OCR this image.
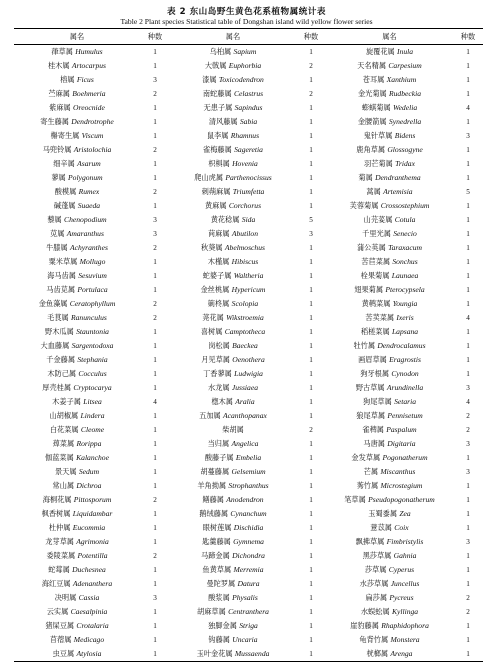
表 2 东山岛野生黄色花系植物属统计表
Table 2 Plant species Statistical table of Dongshan island wild yellow flower series
属名	种数	属名	种数	属名	种数
葎草属 Humulus	1	乌桕属 Sapium	1	旋覆花属 Inula	1
桂木属 Artocarpus	1	大戟属 Euphorbia	2	天名精属 Carpesium	1
榕属 Ficus	3	漆属 Toxicodendron	1	苍耳属 Xanthium	1
苎麻属 Boehmeria	2	南蛇藤属 Celastrus	2	金光菊属 Rudbeckia	1
紫麻属 Oreocnide	1	无患子属 Sapindus	1	蟛蜞菊属 Wedelia	4
寄生藤属 Dendrotrophe	1	清风藤属 Sabia	1	金腰箭属 Synedrella	1
槲寄生属 Viscum	1	鼠李属 Rhamnus	1	鬼针草属 Bidens	3
马兜铃属 Aristolochia	2	雀梅藤属 Sageretia	1	鹿角草属 Glossogyne	1
细辛属 Asarum	1	枳椇属 Hovenia	1	羽芒菊属 Tridax	1
蓼属 Polygonum	1	爬山虎属 Parthenocissus	1	菊属 Dendranthema	1
酸模属 Rumex	2	刺蒴麻属 Triumfetta	1	蒿属 Artemisia	5
碱蓬属 Suaeda	1	黄麻属 Corchorus	1	芙蓉菊属 Crossostephium	1
藜属 Chenopodium	3	黄花稔属 Sida	5	山芫荽属 Cotula	1
苋属 Amaranthus	3	苘麻属 Abutilon	3	千里光属 Senecio	1
牛膝属 Achyranthes	2	秋葵属 Abelmoschus	1	蒲公英属 Taraxacum	1
粟米草属 Mollugo	1	木槿属 Hibiscus	1	苦苣菜属 Sonchus	1
海马齿属 Sesuvium	1	蛇婆子属 Waltheria	1	栓果菊属 Launaea	1
马齿苋属 Portulaca	1	金丝桃属 Hypericum	1	翅果菊属 Pterocypsela	1
金鱼藻属 Ceratophyllum	2	箣柊属 Scolopia	1	黄鹌菜属 Youngia	1
毛茛属 Ranunculus	2	荛花属 Wikstroemia	1	苦荬菜属 Ixeris	4
野木瓜属 Stauntonia	1	喜树属 Camptotheca	1	稻槎菜属 Lapsana	1
大血藤属 Sargentodoxa	1	岗松属 Baeckea	1	牡竹属 Dendrocalamus	1
千金藤属 Stephania	1	月见草属 Oenothera	1	画眉草属 Eragrostis	1
木防己属 Cocculus	1	丁香蓼属 Ludwigia	1	狗牙根属 Cynodon	1
厚壳桂属 Cryptocarya	1	水龙属 Jussiaea	1	野古草属 Arundinella	3
木姜子属 Litsea	4	楤木属 Aralia	1	狗尾草属 Setaria	4
山胡椒属 Lindera	1	五加属 Acanthopanax	1	狼尾草属 Pennisetum	2
白花菜属 Cleome	1	柴胡属	2	雀稗属 Paspalum	2
蔊菜属 Rorippa	1	当归属 Angelica	1	马唐属 Digitaria	3
伽蓝菜属 Kalanchoe	1	酸藤子属 Embelia	1	金发草属 Pogonatherum	1
景天属 Sedum	1	胡蔓藤属 Gelsemium	1	芒属 Miscanthus	3
常山属 Dichroa	1	羊角拗属 Strophanthus	1	莠竹属 Microstegium	1
海桐花属 Pittosporum	2	鳝藤属 Anodendron	1	笔草属 Pseudopogonatherum	1
枫香树属 Liquidambar	1	鹅绒藤属 Cynanchum	1	玉蜀黍属 Zea	1
杜仲属 Eucommia	1	眼树莲属 Dischidia	1	薏苡属 Coix	1
龙芽草属 Agrimonia	1	匙羹藤属 Gymnema	1	飘拂草属 Fimbristylis	3
委陵菜属 Potentilla	2	马蹄金属 Dichondra	1	黑莎草属 Gahnia	1
蛇莓属 Duchesnea	1	鱼黄草属 Merremia	1	莎草属 Cyperus	1
海红豆属 Adenanthera	1	曼陀罗属 Datura	1	水莎草属 Juncellus	1
决明属 Cassia	3	酸浆属 Physalis	1	扁莎属 Pycreus	2
云实属 Caesalpinia	1	胡麻草属 Centranthera	1	水蜈蚣属 Kyllinga	2
猪屎豆属 Crotalaria	1	独脚金属 Striga	1	崖豹藤属 Rhaphidophora	1
苜蓿属 Medicago	1	钩藤属 Uncaria	1	龟背竹属 Monstera	1
虫豆属 Atylosia	1	玉叶金花属 Mussaenda	1	桄榔属 Arenga	1
